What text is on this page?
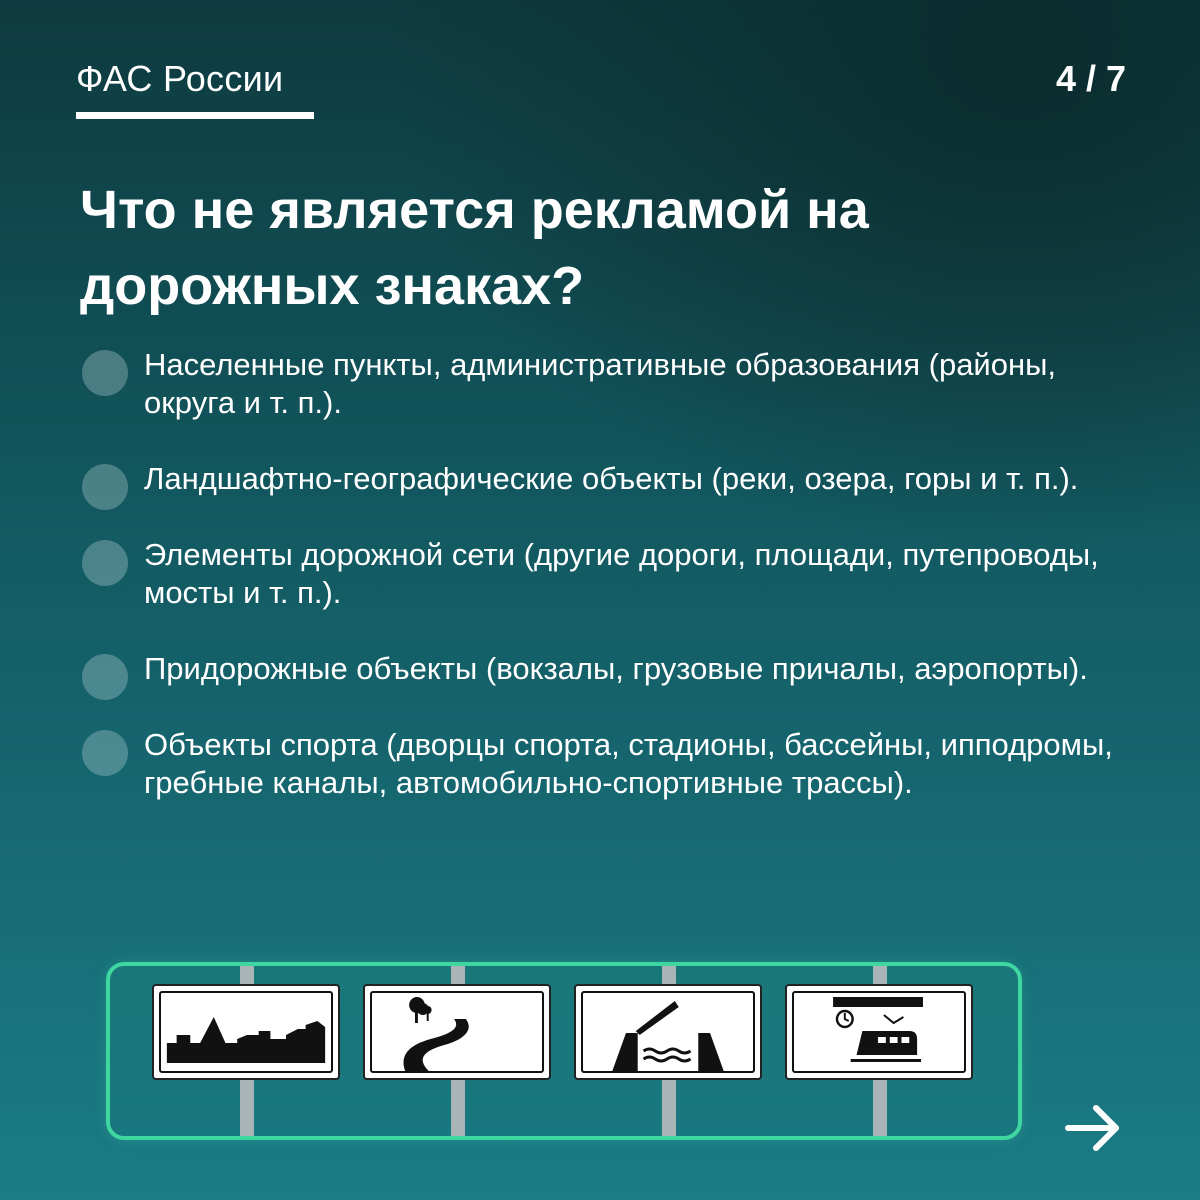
ФАС России	4 / 7
Что не является рекламой на дорожных знаках?
Населенные пункты, административные образования (районы, округа и т. п.).
Ландшафтно-географические объекты (реки, озера, горы и т. п.).
Элементы дорожной сети (другие дороги, площади, путепроводы, мосты и т. п.).
Придорожные объекты (вокзалы, грузовые причалы, аэропорты).
Объекты спорта (дворцы спорта, стадионы, бассейны, ипподромы, гребные каналы, автомобильно-спортивные трассы).
